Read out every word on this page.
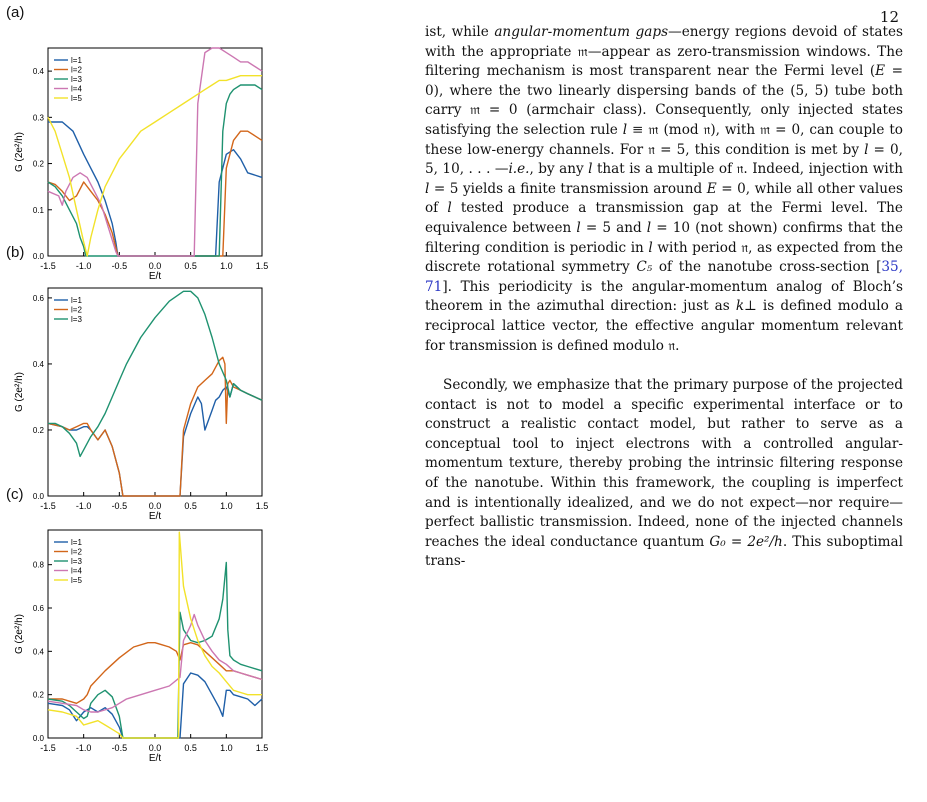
12
(a)
(b)
(c)
-1.5 -1.0 -0.5 0.0	0.5	1.0	1.5
0.0
0.1
0.2
0.3
0.4
E/t
G (2e²/h)
l=1
l=2
l=3
l=4
l=5
-1.5 -1.0 -0.5 0.0	0.5	1.0	1.5
0.0
0.2
0.4
0.6
E/t
G (2e²/h)
l=1
l=2
l=3
-1.5 -1.0 -0.5 0.0	0.5	1.0	1.5
0.0
0.2
0.4
0.6
0.8
E/t
G (2e²/h)
l=1
l=2
l=3
l=4
l=5

ist, while angular-momentum gaps—energy regions devoid of states with the appropriate 𝔪—appear as zero-transmission windows. The filtering mechanism is most transparent near the Fermi level (E = 0), where the two linearly dispersing bands of the (5, 5) tube both carry 𝔪 = 0 (armchair class). Consequently, only injected states satisfying the selection rule l ≡ 𝔪 (mod 𝔫), with 𝔪 = 0, can couple to these low-energy channels. For 𝔫 = 5, this condition is met by l = 0, 5, 10, . . . —i.e., by any l that is a multiple of 𝔫. Indeed, injection with l = 5 yields a finite transmission around E = 0, while all other values of l tested produce a transmission gap at the Fermi level. The equivalence between l = 5 and l = 10 (not shown) confirms that the filtering condition is periodic in l with period 𝔫, as expected from the discrete rotational symmetry C₅ of the nanotube cross-section [35, 71]. This periodicity is the angular-momentum analog of Bloch’s theorem in the azimuthal direction: just as k⊥ is defined modulo a reciprocal lattice vector, the effective angular momentum relevant for transmission is defined modulo 𝔫.

Secondly, we emphasize that the primary purpose of the projected contact is not to model a specific experimental interface or to construct a realistic contact model, but rather to serve as a conceptual tool to inject electrons with a controlled angular-momentum texture, thereby probing the intrinsic filtering response of the nanotube. Within this framework, the coupling is imperfect and is intentionally idealized, and we do not expect—nor require—perfect ballistic transmission. Indeed, none of the injected channels reaches the ideal conductance quantum G₀ = 2e²/h. This suboptimal trans-
